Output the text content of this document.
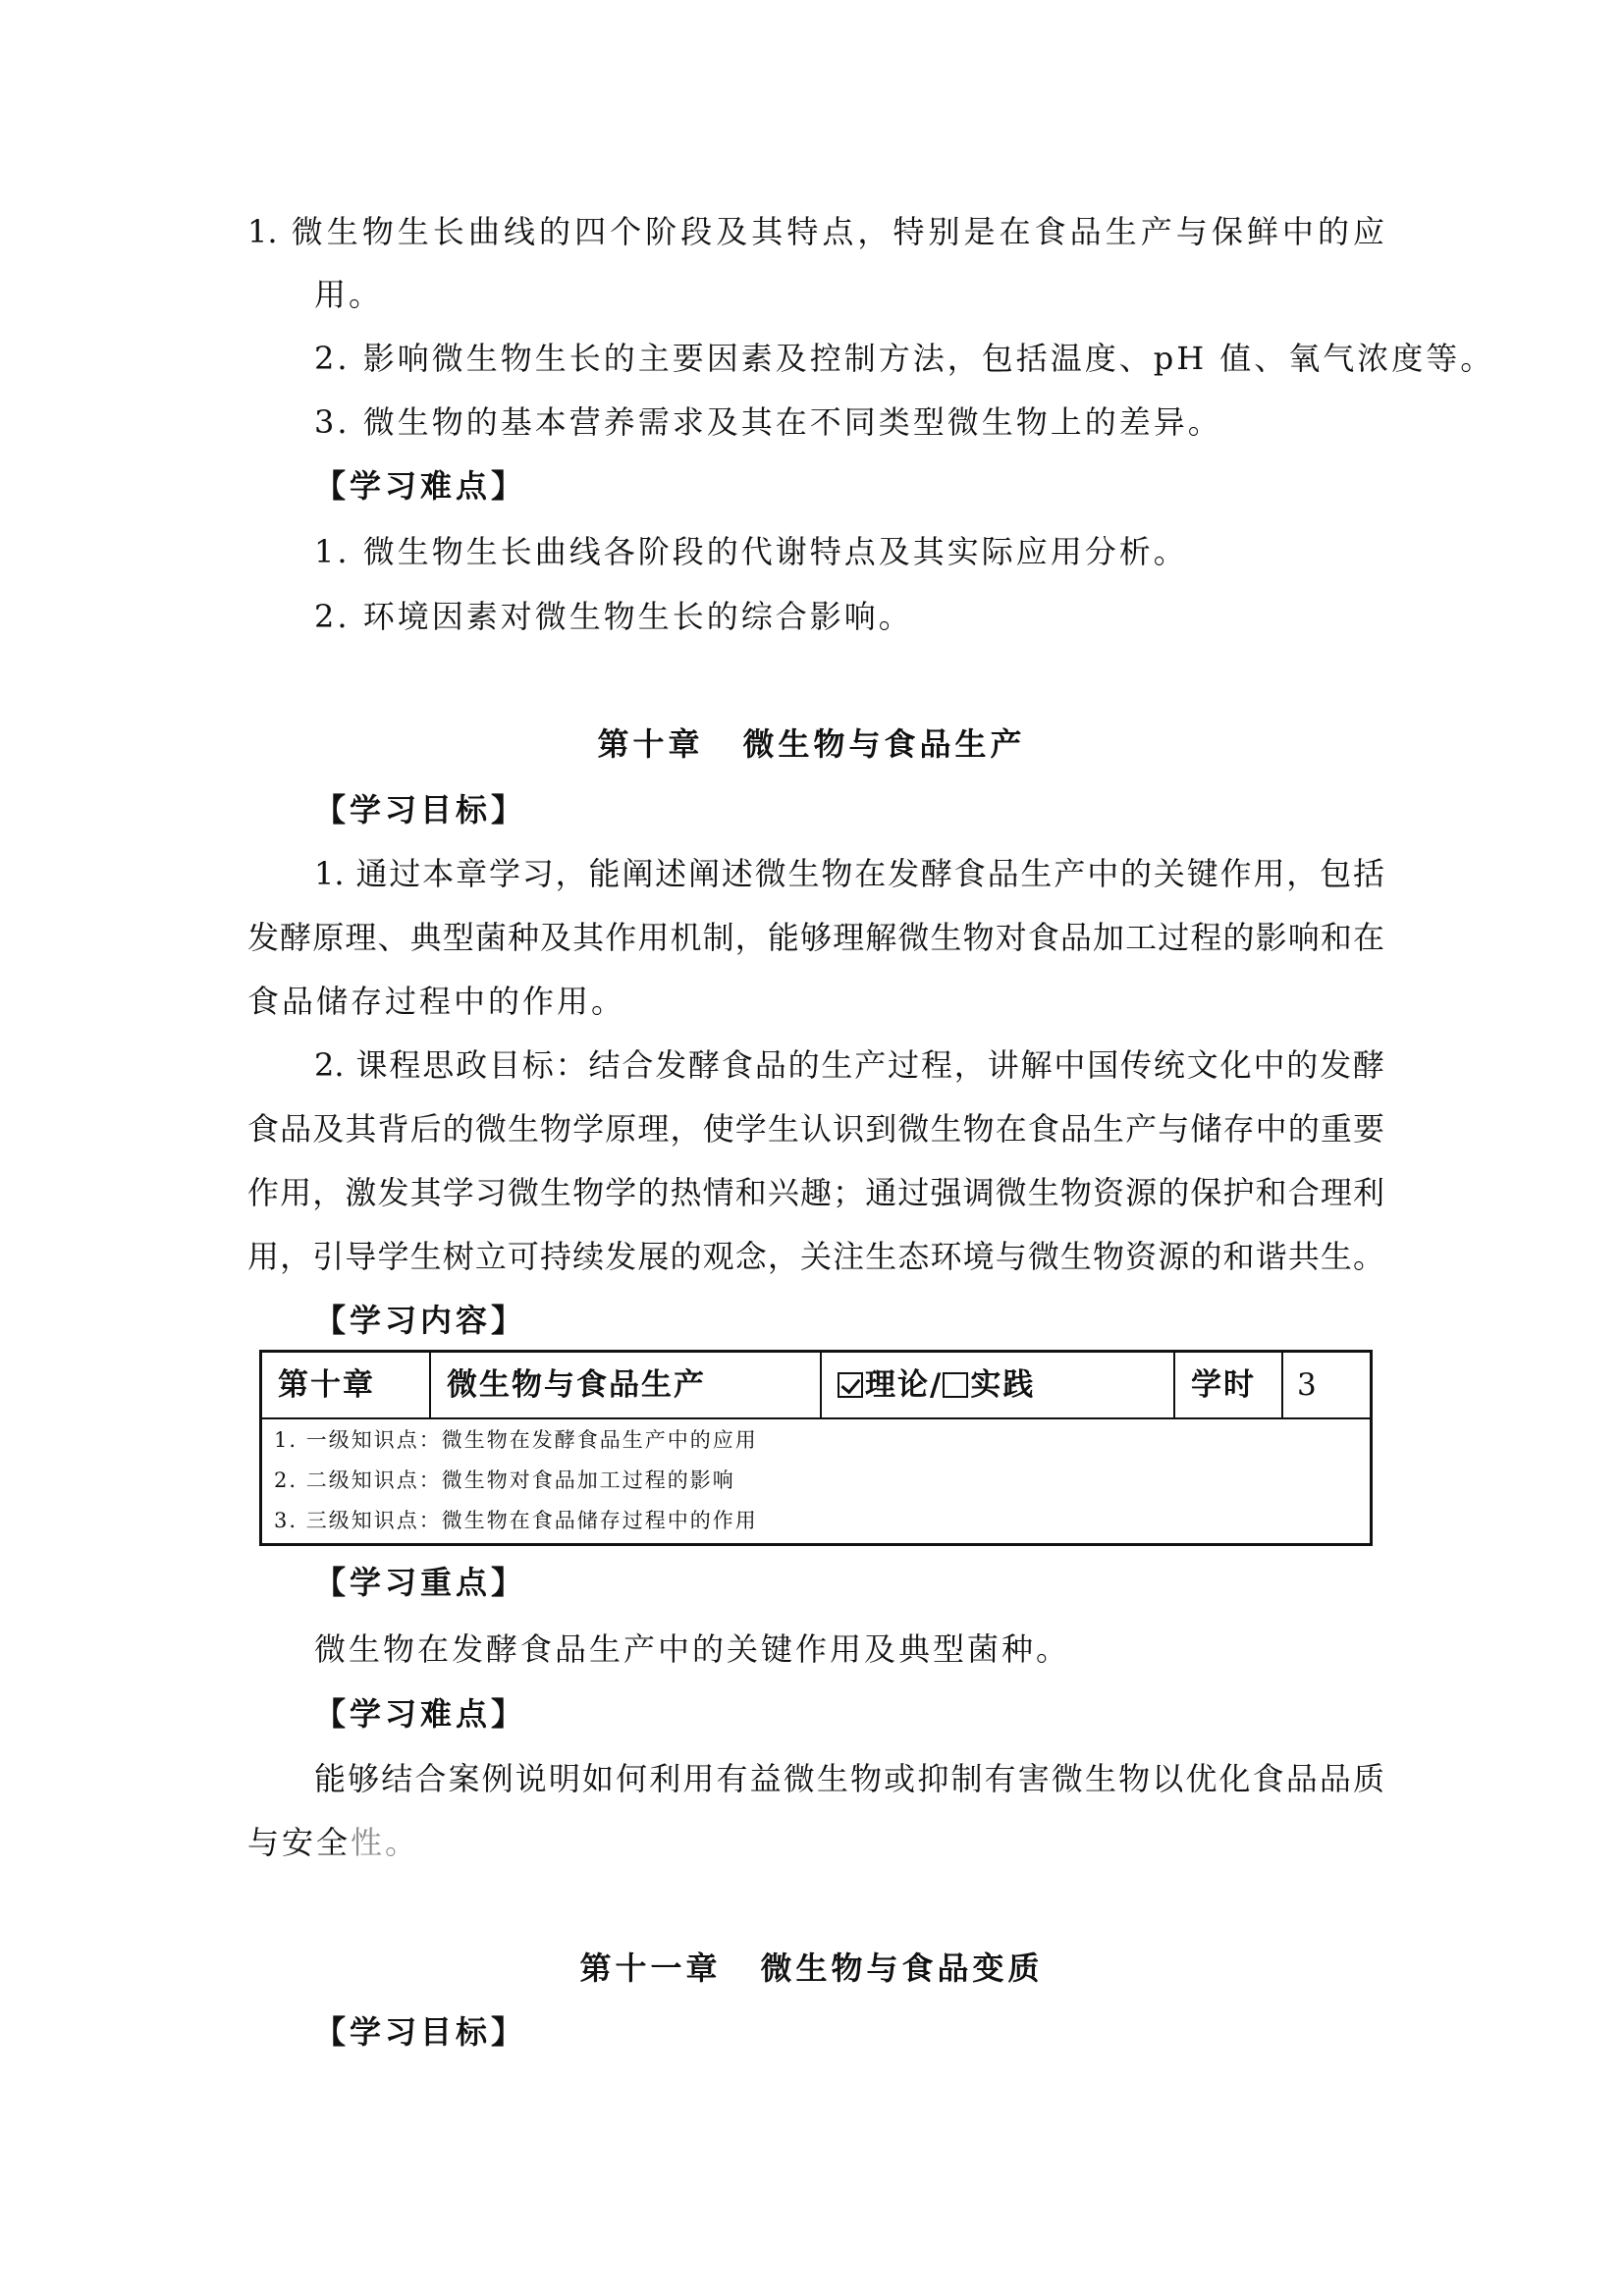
1. 微生物生长曲线的四个阶段及其特点，特别是在食品生产与保鲜中的应
用。
2. 影响微生物生长的主要因素及控制方法，包括温度、pH 值、氧气浓度等。
3. 微生物的基本营养需求及其在不同类型微生物上的差异。
【学习难点】
1. 微生物生长曲线各阶段的代谢特点及其实际应用分析。
2. 环境因素对微生物生长的综合影响。
第十章 微生物与食品生产
【学习目标】
1. 通过本章学习，能阐述阐述微生物在发酵食品生产中的关键作用，包括
发酵原理、典型菌种及其作用机制，能够理解微生物对食品加工过程的影响和在
食品储存过程中的作用。
2. 课程思政目标：结合发酵食品的生产过程，讲解中国传统文化中的发酵
食品及其背后的微生物学原理，使学生认识到微生物在食品生产与储存中的重要
作用，激发其学习微生物学的热情和兴趣；通过强调微生物资源的保护和合理利
用，引导学生树立可持续发展的观念，关注生态环境与微生物资源的和谐共生。
【学习内容】
第十章	微生物与食品生产	理论/ 实践	学时	3
1. 一级知识点：微生物在发酵食品生产中的应用
2. 二级知识点：微生物对食品加工过程的影响
3. 三级知识点：微生物在食品储存过程中的作用
【学习重点】
微生物在发酵食品生产中的关键作用及典型菌种。
【学习难点】
能够结合案例说明如何利用有益微生物或抑制有害微生物以优化食品品质
与安全性。
第十一章 微生物与食品变质
【学习目标】
